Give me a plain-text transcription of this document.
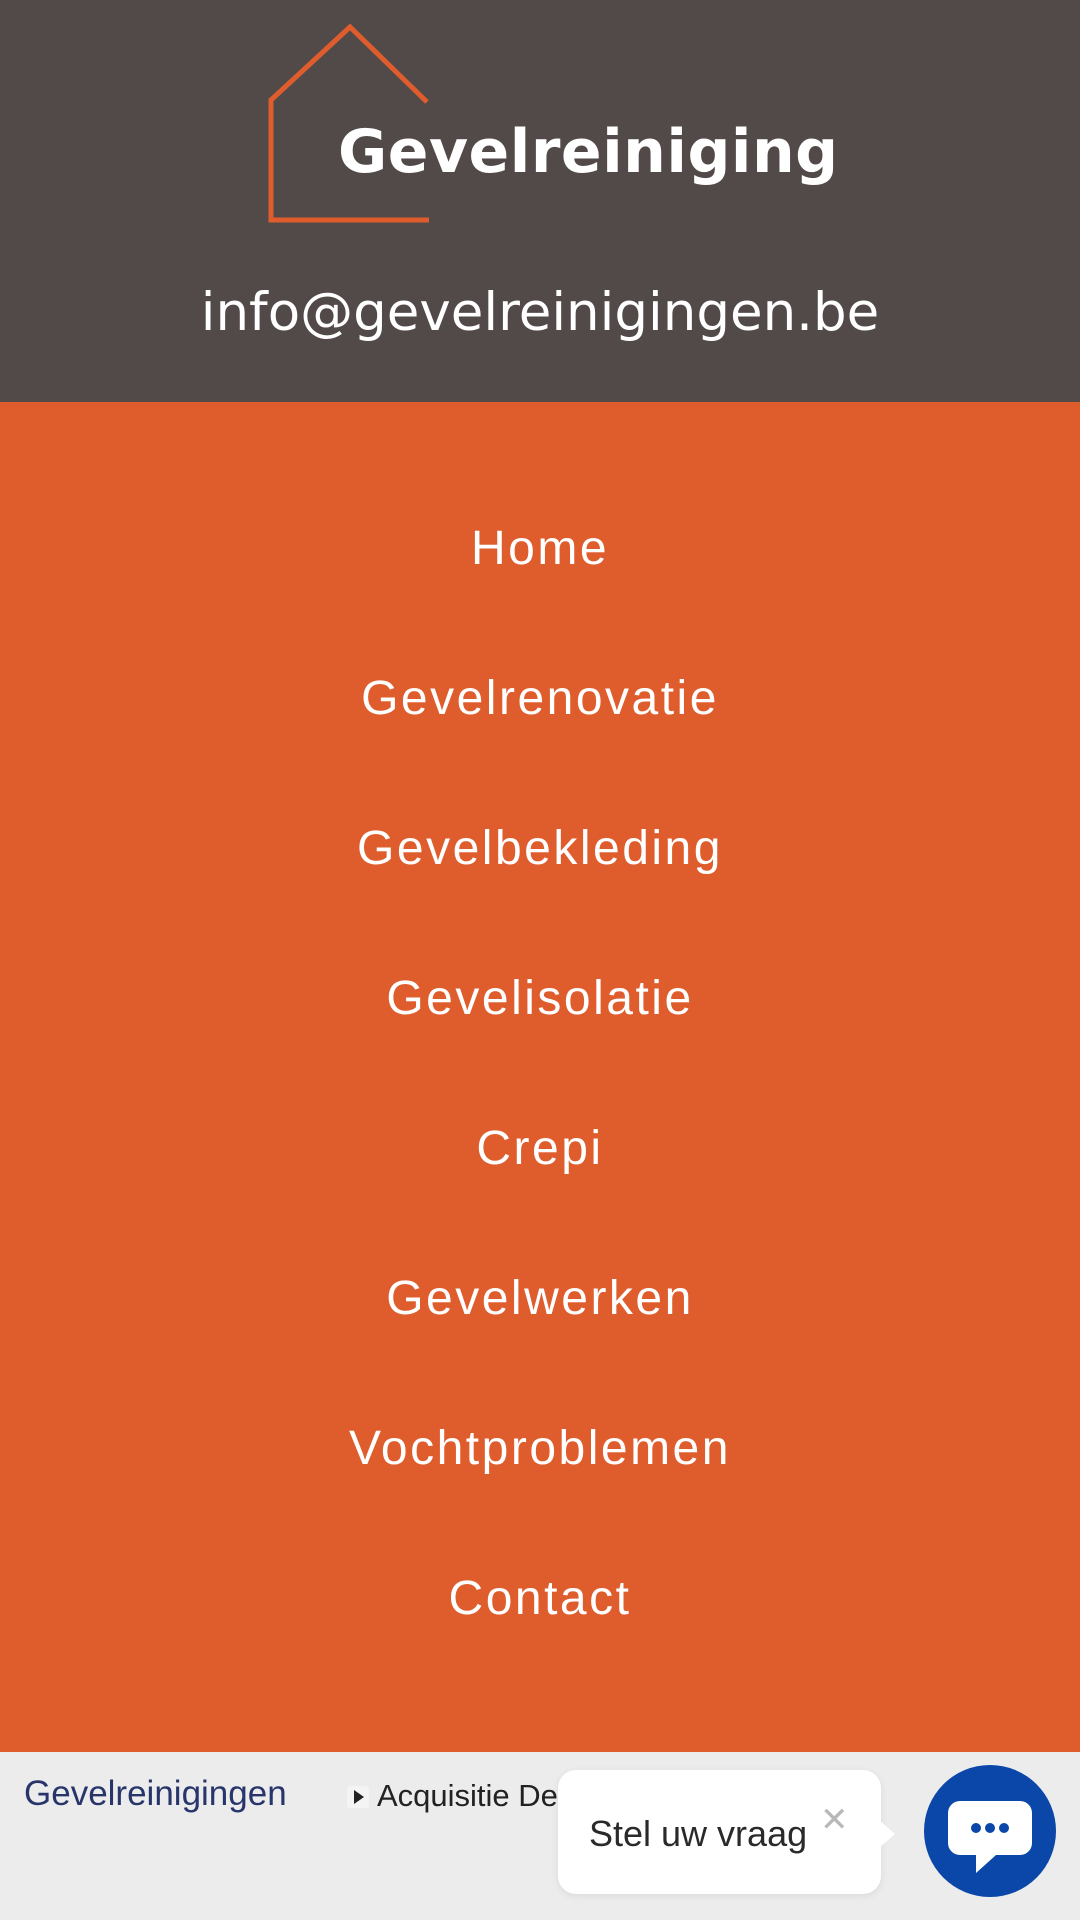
Gevelreiniging
info@gevelreinigingen.be
Home
Gevelrenovatie
Gevelbekleding
Gevelisolatie
Crepi
Gevelwerken
Vochtproblemen
Contact
Gevelreinigingen	Acquisitie De
Stel uw vraag ✕
